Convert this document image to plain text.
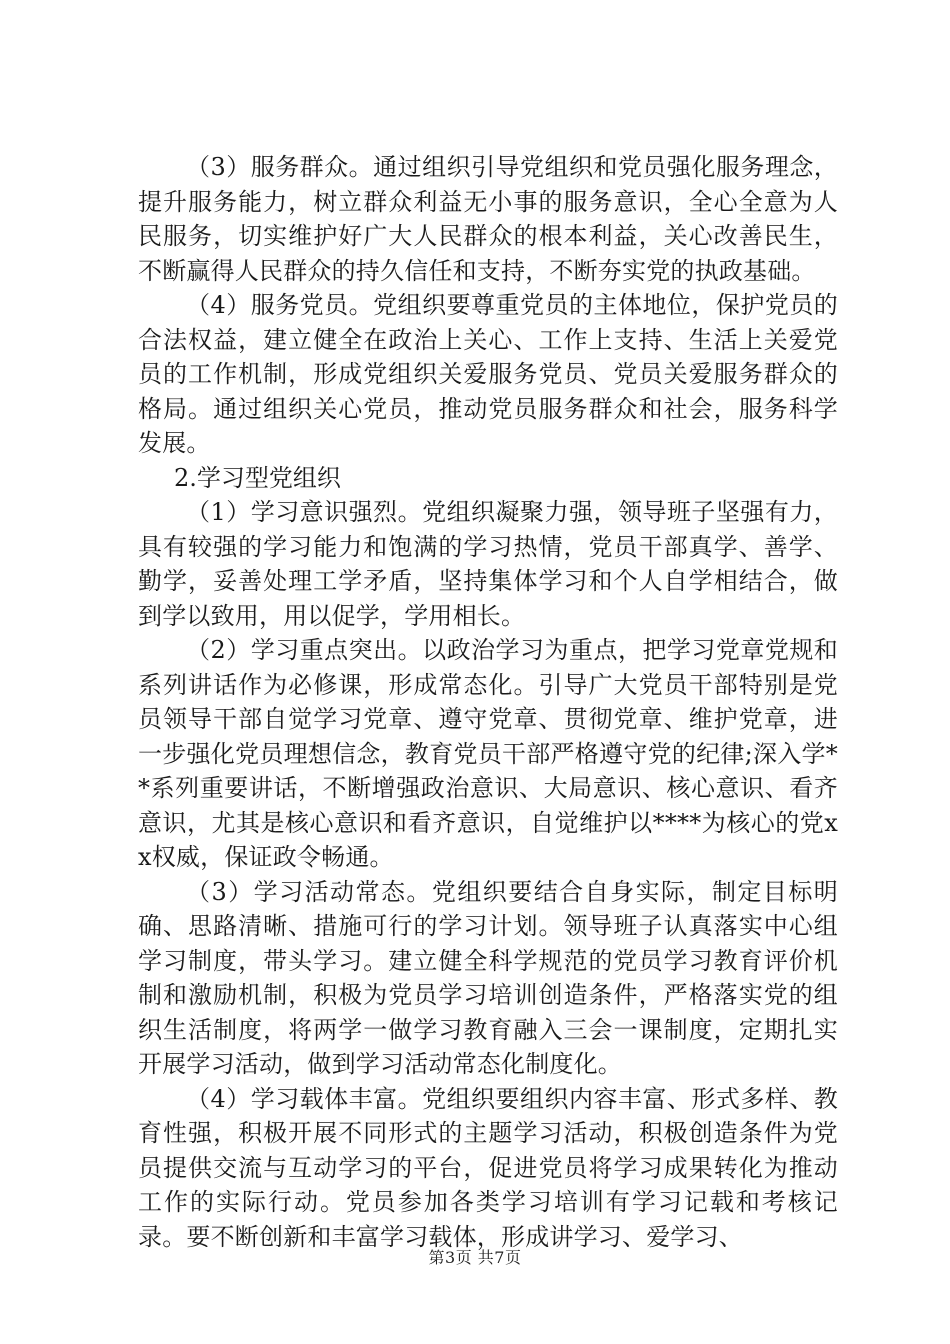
（3）服务群众。通过组织引导党组织和党员强化服务理念，提升服务能力，树立群众利益无小事的服务意识，全心全意为人民服务，切实维护好广大人民群众的根本利益，关心改善民生，不断赢得人民群众的持久信任和支持，不断夯实党的执政基础。

（4）服务党员。党组织要尊重党员的主体地位，保护党员的合法权益，建立健全在政治上关心、工作上支持、生活上关爱党员的工作机制，形成党组织关爱服务党员、党员关爱服务群众的格局。通过组织关心党员，推动党员服务群众和社会，服务科学发展。

2.学习型党组织

（1）学习意识强烈。党组织凝聚力强，领导班子坚强有力，具有较强的学习能力和饱满的学习热情，党员干部真学、善学、勤学，妥善处理工学矛盾，坚持集体学习和个人自学相结合，做到学以致用，用以促学，学用相长。

（2）学习重点突出。以政治学习为重点，把学习党章党规和系列讲话作为必修课，形成常态化。引导广大党员干部特别是党员领导干部自觉学习党章、遵守党章、贯彻党章、维护党章，进一步强化党员理想信念，教育党员干部严格遵守党的纪律;深入学**系列重要讲话，不断增强政治意识、大局意识、核心意识、看齐意识，尤其是核心意识和看齐意识，自觉维护以****为核心的党xx权威，保证政令畅通。

（3）学习活动常态。党组织要结合自身实际，制定目标明确、思路清晰、措施可行的学习计划。领导班子认真落实中心组学习制度，带头学习。建立健全科学规范的党员学习教育评价机制和激励机制，积极为党员学习培训创造条件，严格落实党的组织生活制度，将两学一做学习教育融入三会一课制度，定期扎实开展学习活动，做到学习活动常态化制度化。

（4）学习载体丰富。党组织要组织内容丰富、形式多样、教育性强，积极开展不同形式的主题学习活动，积极创造条件为党员提供交流与互动学习的平台，促进党员将学习成果转化为推动工作的实际行动。党员参加各类学习培训有学习记载和考核记录。要不断创新和丰富学习载体，形成讲学习、爱学习、

第3页 共7页
